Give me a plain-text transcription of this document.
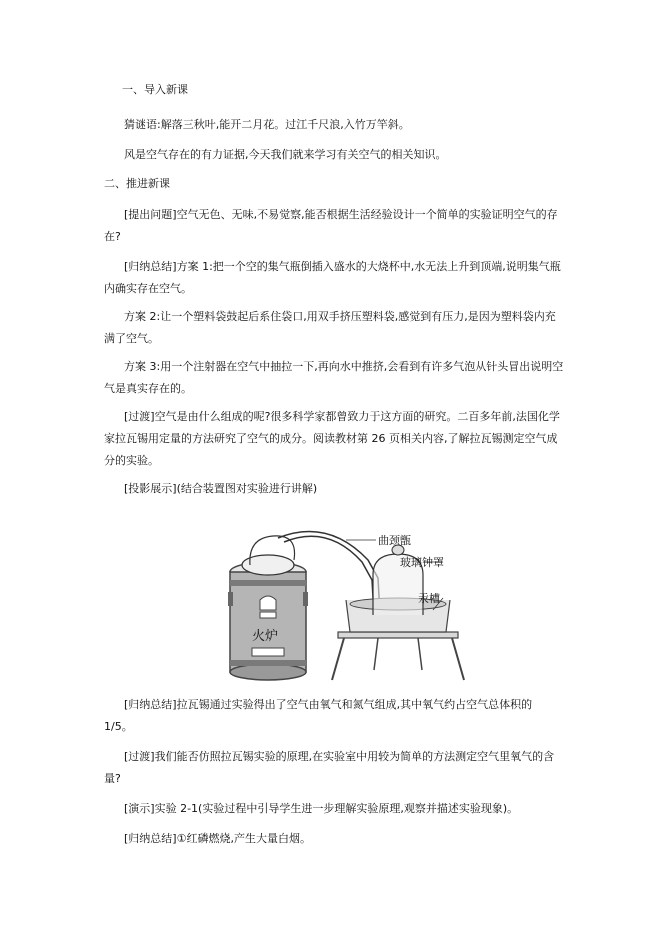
一、导入新课
猜谜语:解落三秋叶,能开二月花。过江千尺浪,入竹万竿斜。
风是空气存在的有力证据,今天我们就来学习有关空气的相关知识。
二、推进新课
[提出问题]空气无色、无味,不易觉察,能否根据生活经验设计一个简单的实验证明空气的存在?
[归纳总结]方案 1:把一个空的集气瓶倒插入盛水的大烧杯中,水无法上升到顶端,说明集气瓶内确实存在空气。
方案 2:让一个塑料袋鼓起后系住袋口,用双手挤压塑料袋,感觉到有压力,是因为塑料袋内充满了空气。
方案 3:用一个注射器在空气中抽拉一下,再向水中推挤,会看到有许多气泡从针头冒出说明空气是真实存在的。
[过渡]空气是由什么组成的呢?很多科学家都曾致力于这方面的研究。二百多年前,法国化学家拉瓦锡用定量的方法研究了空气的成分。阅读教材第 26 页相关内容,了解拉瓦锡测定空气成分的实验。
[投影展示](结合装置图对实验进行讲解)
火炉
曲颈甑
玻璃钟罩
汞槽
[归纳总结]拉瓦锡通过实验得出了空气由氧气和氮气组成,其中氧气约占空气总体积的 1/5。
[过渡]我们能否仿照拉瓦锡实验的原理,在实验室中用较为简单的方法测定空气里氧气的含量?
[演示]实验 2-1(实验过程中引导学生进一步理解实验原理,观察并描述实验现象)。
[归纳总结]①红磷燃烧,产生大量白烟。
